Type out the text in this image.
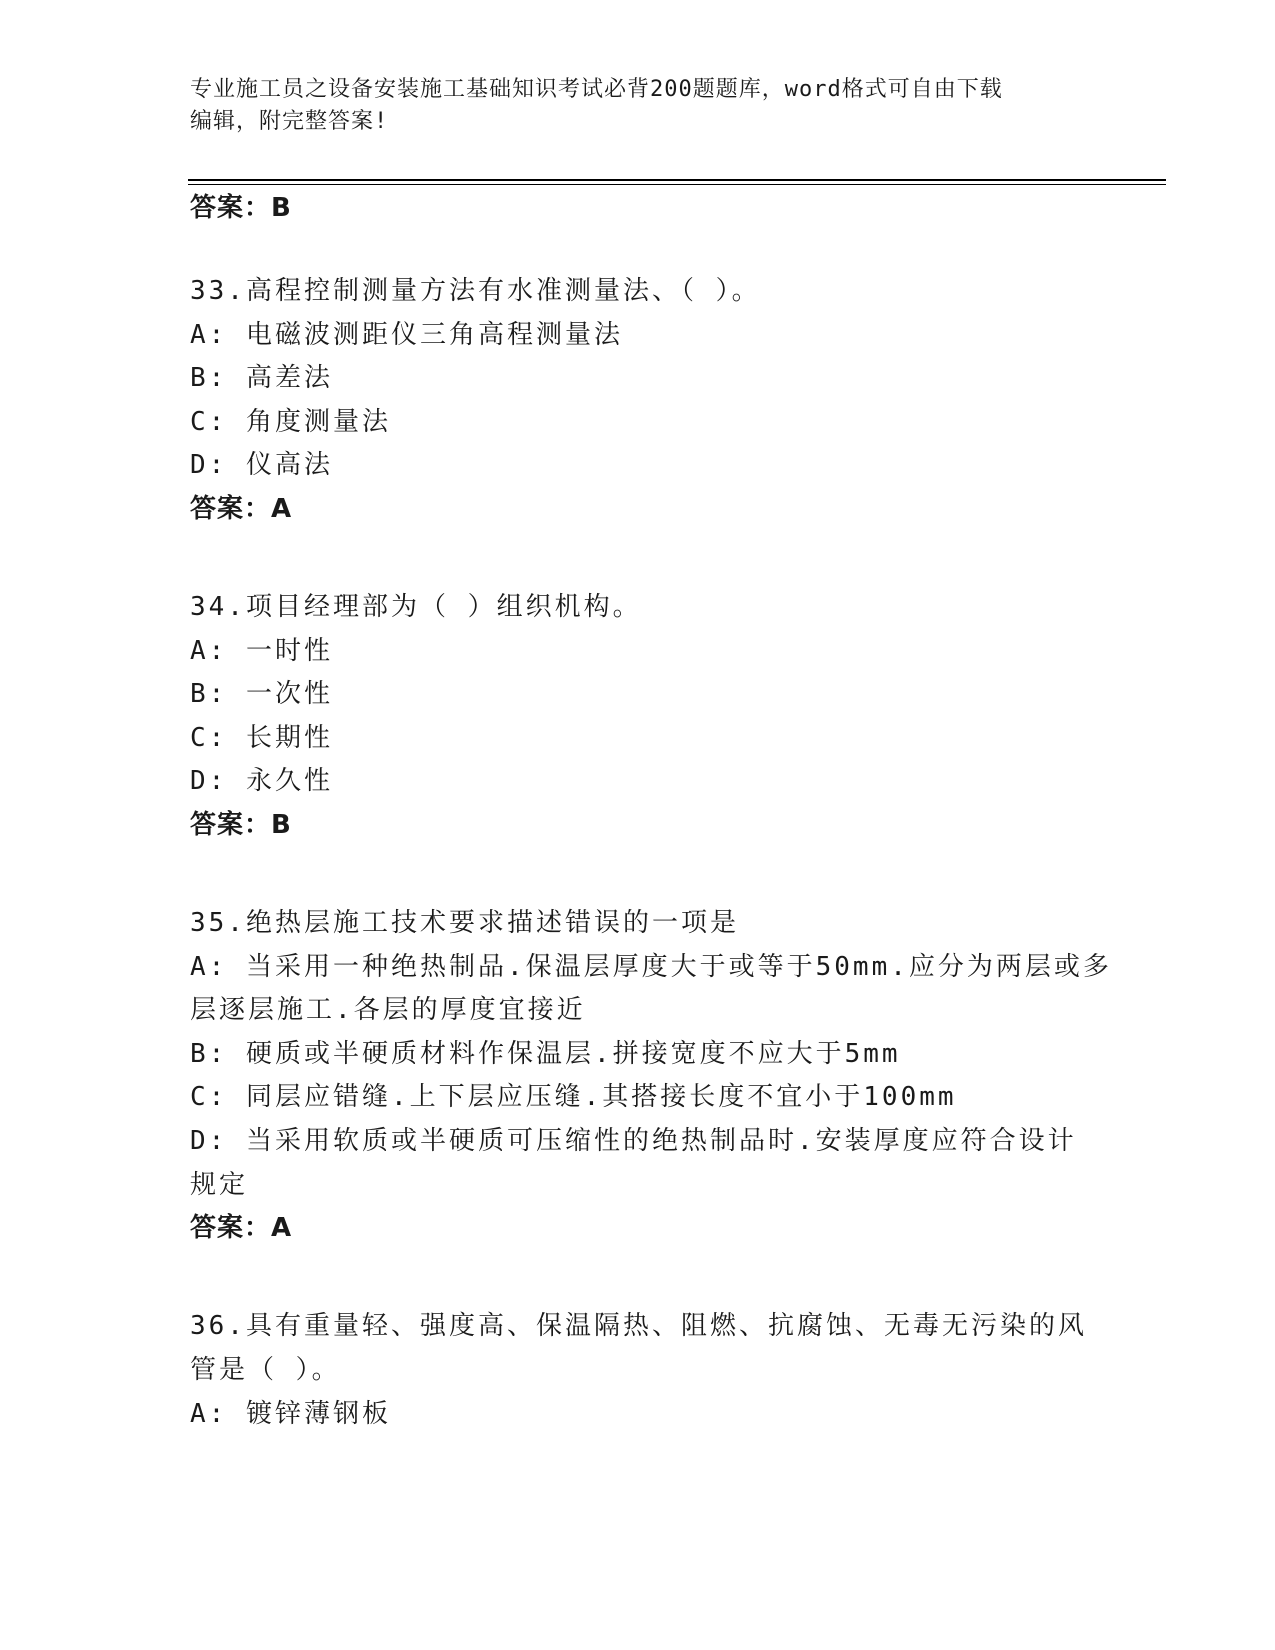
专业施工员之设备安装施工基础知识考试必背200题题库，word格式可自由下载
编辑，附完整答案!
答案：B
33.高程控制测量方法有水准测量法、（ ）。
A: 电磁波测距仪三角高程测量法
B: 高差法
C: 角度测量法
D: 仪高法
答案：A
34.项目经理部为（ ）组织机构。
A: 一时性
B: 一次性
C: 长期性
D: 永久性
答案：B
35.绝热层施工技术要求描述错误的一项是
A: 当采用一种绝热制品.保温层厚度大于或等于50mm.应分为两层或多
层逐层施工.各层的厚度宜接近
B: 硬质或半硬质材料作保温层.拼接宽度不应大于5mm
C: 同层应错缝.上下层应压缝.其搭接长度不宜小于100mm
D: 当采用软质或半硬质可压缩性的绝热制品时.安装厚度应符合设计
规定
答案：A
36.具有重量轻、强度高、保温隔热、阻燃、抗腐蚀、无毒无污染的风
管是（ ）。
A: 镀锌薄钢板
